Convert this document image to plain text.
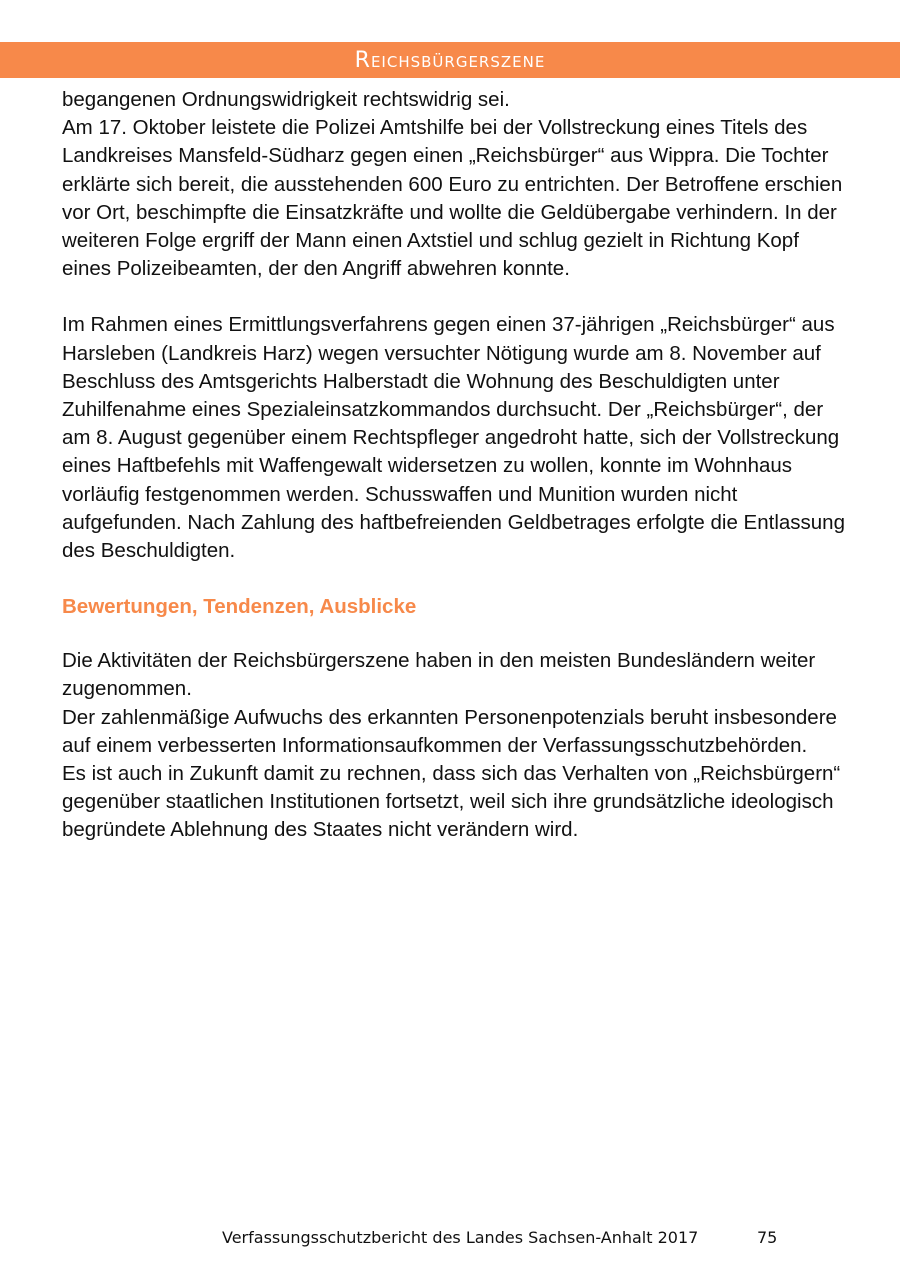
Reichsbürgerszene

begangenen Ordnungswidrigkeit rechtswidrig sei.

Am 17. Oktober leistete die Polizei Amtshilfe bei der Vollstreckung eines Titels des Landkreises Mansfeld-Südharz gegen einen „Reichsbürger“ aus Wippra. Die Tochter erklärte sich bereit, die ausstehenden 600 Euro zu entrichten. Der Betroffene erschien vor Ort, beschimpfte die Einsatzkräfte und wollte die Geldübergabe verhindern. In der weiteren Folge ergriff der Mann einen Axtstiel und schlug gezielt in Richtung Kopf eines Polizeibeamten, der den Angriff abwehren konnte.

Im Rahmen eines Ermittlungsverfahrens gegen einen 37-jährigen „Reichsbürger“ aus Harsleben (Landkreis Harz) wegen versuchter Nötigung wurde am 8. November auf Beschluss des Amtsgerichts Halberstadt die Wohnung des Beschuldigten unter Zuhilfenahme eines Spezialeinsatzkommandos durchsucht. Der „Reichsbürger“, der am 8. August gegenüber einem Rechtspfleger angedroht hatte, sich der Vollstreckung eines Haftbefehls mit Waffengewalt widersetzen zu wollen, konnte im Wohnhaus vorläufig festgenommen werden. Schusswaffen und Munition wurden nicht aufgefunden. Nach Zahlung des haftbefreienden Geldbetrages erfolgte die Entlassung des Beschuldigten.

Bewertungen, Tendenzen, Ausblicke

Die Aktivitäten der Reichsbürgerszene haben in den meisten Bundesländern weiter zugenommen.

Der zahlenmäßige Aufwuchs des erkannten Personenpotenzials beruht insbesondere auf einem verbesserten Informationsaufkommen der Verfassungsschutzbehörden.

Es ist auch in Zukunft damit zu rechnen, dass sich das Verhalten von „Reichsbürgern“ gegenüber staatlichen Institutionen fortsetzt, weil sich ihre grundsätzliche ideologisch begründete Ablehnung des Staates nicht verändern wird.

Verfassungsschutzbericht des Landes Sachsen-Anhalt 2017	75
